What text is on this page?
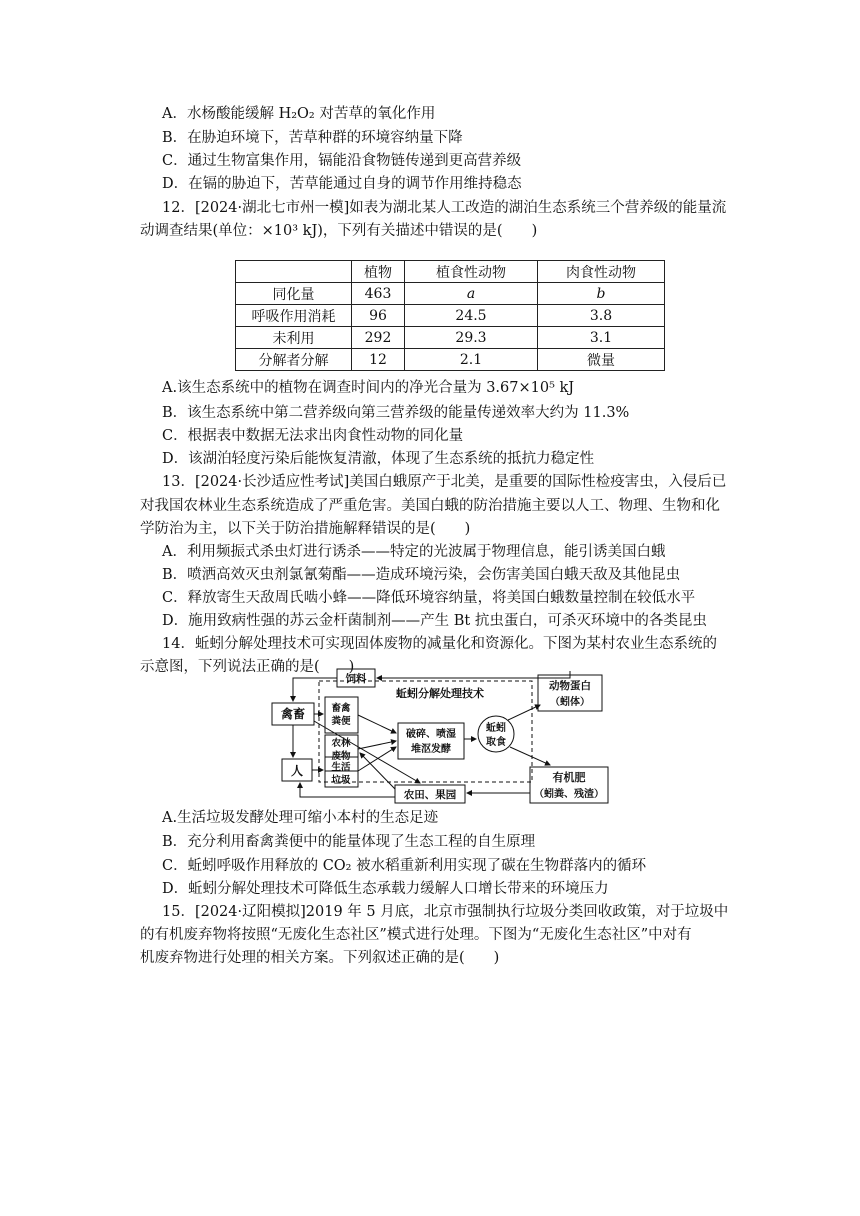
A．水杨酸能缓解 H₂O₂ 对苦草的氧化作用
B．在胁迫环境下，苦草种群的环境容纳量下降
C．通过生物富集作用，镉能沿食物链传递到更高营养级
D．在镉的胁迫下，苦草能通过自身的调节作用维持稳态
12．[2024·湖北七市州一模]如表为湖北某人工改造的湖泊生态系统三个营养级的能量流
动调查结果(单位：×10³ kJ)，下列有关描述中错误的是(　　)
	植物	植食性动物	肉食性动物
同化量	463	a	b
呼吸作用消耗	96	24.5	3.8
未利用	292	29.3	3.1
分解者分解	12	2.1	微量
A.该生态系统中的植物在调查时间内的净光合量为 3.67×10⁵ kJ
B．该生态系统中第二营养级向第三营养级的能量传递效率大约为 11.3%
C．根据表中数据无法求出肉食性动物的同化量
D．该湖泊轻度污染后能恢复清澈，体现了生态系统的抵抗力稳定性
13．[2024·长沙适应性考试]美国白蛾原产于北美，是重要的国际性检疫害虫，入侵后已
对我国农林业生态系统造成了严重危害。美国白蛾的防治措施主要以人工、物理、生物和化
学防治为主，以下关于防治措施解释错误的是(　　)
A．利用频振式杀虫灯进行诱杀——特定的光波属于物理信息，能引诱美国白蛾
B．喷洒高效灭虫剂氯氰菊酯——造成环境污染，会伤害美国白蛾天敌及其他昆虫
C．释放寄生天敌周氏啮小蜂——降低环境容纳量，将美国白蛾数量控制在较低水平
D．施用致病性强的苏云金杆菌制剂——产生 Bt 抗虫蛋白，可杀灭环境中的各类昆虫
14．蚯蚓分解处理技术可实现固体废物的减量化和资源化。下图为某村农业生态系统的
示意图，下列说法正确的是(　　)
饲料
禽畜
人
畜禽
粪便
农林
废物
生活
垃圾
蚯蚓分解处理技术
破碎、喷湿
堆沤发酵
蚯蚓
取食
动物蛋白
（蚓体）
有机肥
（蚓粪、残渣）
农田、果园
A.生活垃圾发酵处理可缩小本村的生态足迹
B．充分利用畜禽粪便中的能量体现了生态工程的自生原理
C．蚯蚓呼吸作用释放的 CO₂ 被水稻重新利用实现了碳在生物群落内的循环
D．蚯蚓分解处理技术可降低生态承载力缓解人口增长带来的环境压力
15．[2024·辽阳模拟]2019 年 5 月底，北京市强制执行垃圾分类回收政策，对于垃圾中
的有机废弃物将按照“无废化生态社区”模式进行处理。下图为“无废化生态社区”中对有
机废弃物进行处理的相关方案。下列叙述正确的是(　　)
